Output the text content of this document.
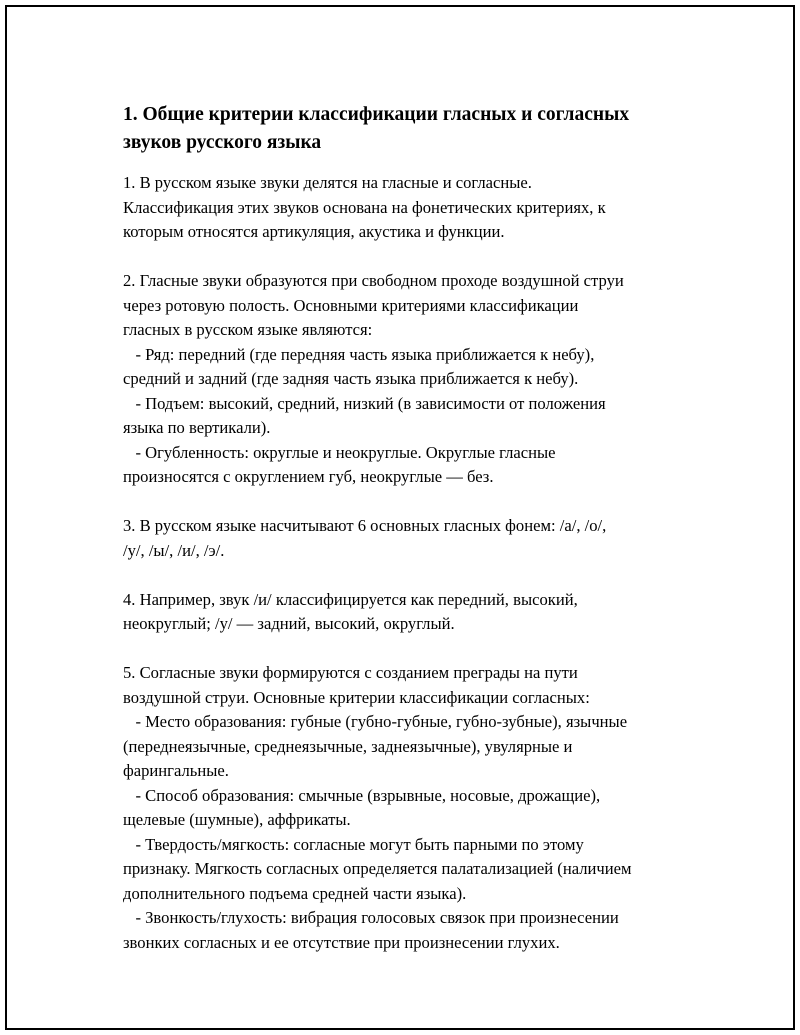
1. Общие критерии классификации гласных и согласных
звуков русского языка

1. В русском языке звуки делятся на гласные и согласные.
Классификация этих звуков основана на фонетических критериях, к
которым относятся артикуляция, акустика и функции.

2. Гласные звуки образуются при свободном проходе воздушной струи
через ротовую полость. Основными критериями классификации
гласных в русском языке являются:
- Ряд: передний (где передняя часть языка приближается к небу),
средний и задний (где задняя часть языка приближается к небу).
- Подъем: высокий, средний, низкий (в зависимости от положения
языка по вертикали).
- Огубленность: округлые и неокруглые. Округлые гласные
произносятся с округлением губ, неокруглые — без.

3. В русском языке насчитывают 6 основных гласных фонем: /а/, /о/,
/у/, /ы/, /и/, /э/.

4. Например, звук /и/ классифицируется как передний, высокий,
неокруглый; /у/ — задний, высокий, округлый.

5. Согласные звуки формируются с созданием преграды на пути
воздушной струи. Основные критерии классификации согласных:
- Место образования: губные (губно-губные, губно-зубные), язычные
(переднеязычные, среднеязычные, заднеязычные), увулярные и
фарингальные.
- Способ образования: смычные (взрывные, носовые, дрожащие),
щелевые (шумные), аффрикаты.
- Твердость/мягкость: согласные могут быть парными по этому
признаку. Мягкость согласных определяется палатализацией (наличием
дополнительного подъема средней части языка).
- Звонкость/глухость: вибрация голосовых связок при произнесении
звонких согласных и ее отсутствие при произнесении глухих.
